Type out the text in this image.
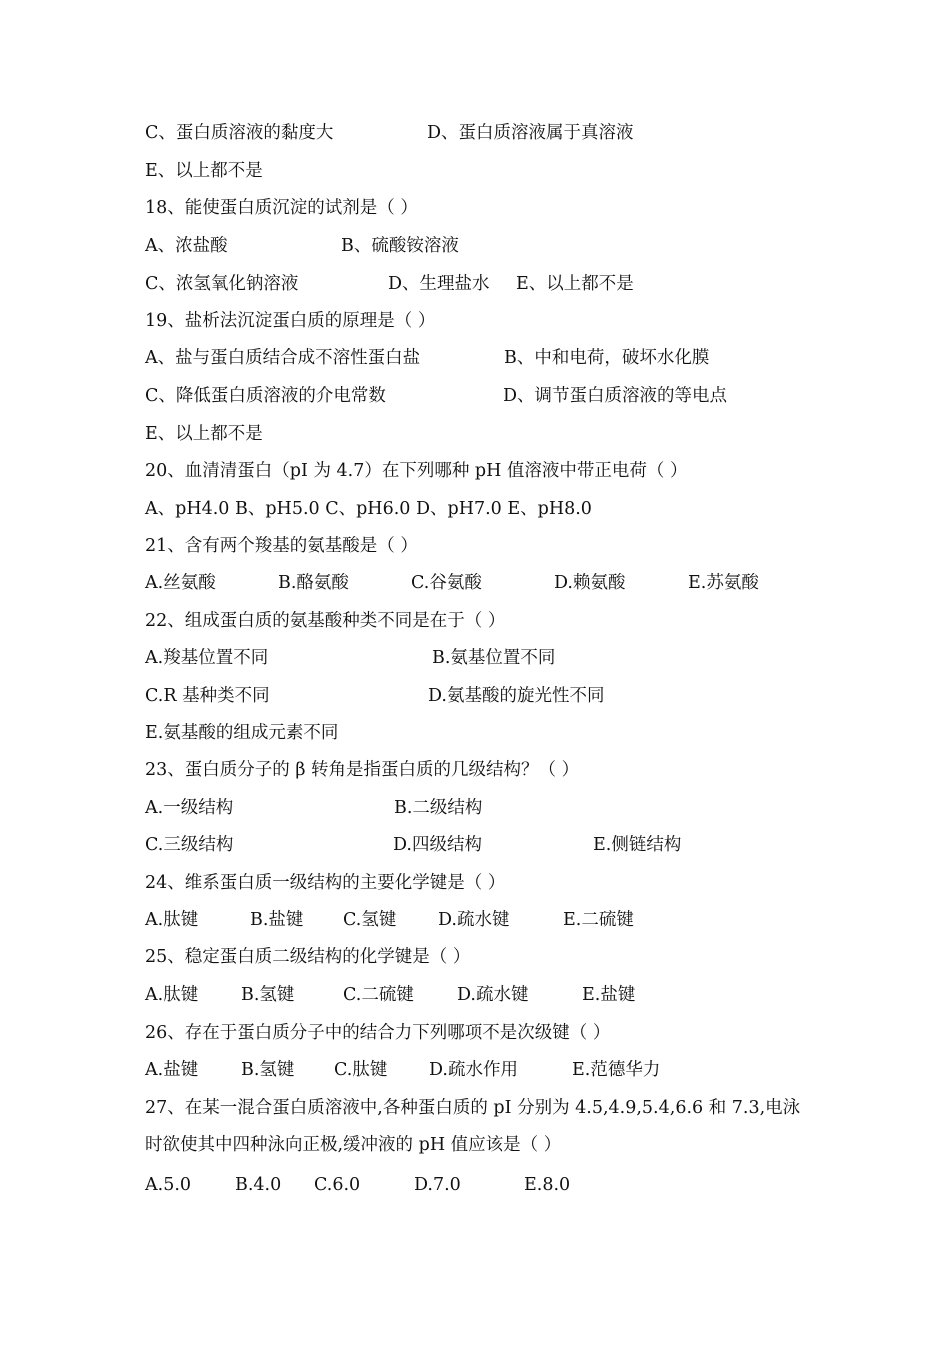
C、蛋白质溶液的黏度大	D、蛋白质溶液属于真溶液
E、以上都不是
18、能使蛋白质沉淀的试剂是（ ）
A、浓盐酸	B、硫酸铵溶液
C、浓氢氧化钠溶液	D、生理盐水 E、以上都不是
19、盐析法沉淀蛋白质的原理是（ ）
A、盐与蛋白质结合成不溶性蛋白盐	B、中和电荷，破坏水化膜
C、降低蛋白质溶液的介电常数	D、调节蛋白质溶液的等电点
E、以上都不是
20、血清清蛋白（pI 为 4.7）在下列哪种 pH 值溶液中带正电荷（ ）
A、pH4.0 B、pH5.0 C、pH6.0 D、pH7.0 E、pH8.0
21、含有两个羧基的氨基酸是（ ）
A.丝氨酸	B.酪氨酸	C.谷氨酸	D.赖氨酸	E.苏氨酸
22、组成蛋白质的氨基酸种类不同是在于（ ）
A.羧基位置不同	B.氨基位置不同
C.R 基种类不同	D.氨基酸的旋光性不同
E.氨基酸的组成元素不同
23、蛋白质分子的 β 转角是指蛋白质的几级结构？（ ）
A.一级结构	B.二级结构
C.三级结构	D.四级结构	E.侧链结构
24、维系蛋白质一级结构的主要化学键是（ ）
A.肽键	B.盐键 C.氢键 D.疏水键	E.二硫键
25、稳定蛋白质二级结构的化学键是（ ）
A.肽键 B.氢键	C.二硫键 D.疏水键	E.盐键
26、存在于蛋白质分子中的结合力下列哪项不是次级键（ ）
A.盐键 B.氢键 C.肽键 D.疏水作用	E.范德华力
27、在某一混合蛋白质溶液中,各种蛋白质的 pI 分别为 4.5,4.9,5.4,6.6 和 7.3,电泳
时欲使其中四种泳向正极,缓冲液的 pH 值应该是（ ）
A.5.0	B.4.0 C.6.0	D.7.0	E.8.0
